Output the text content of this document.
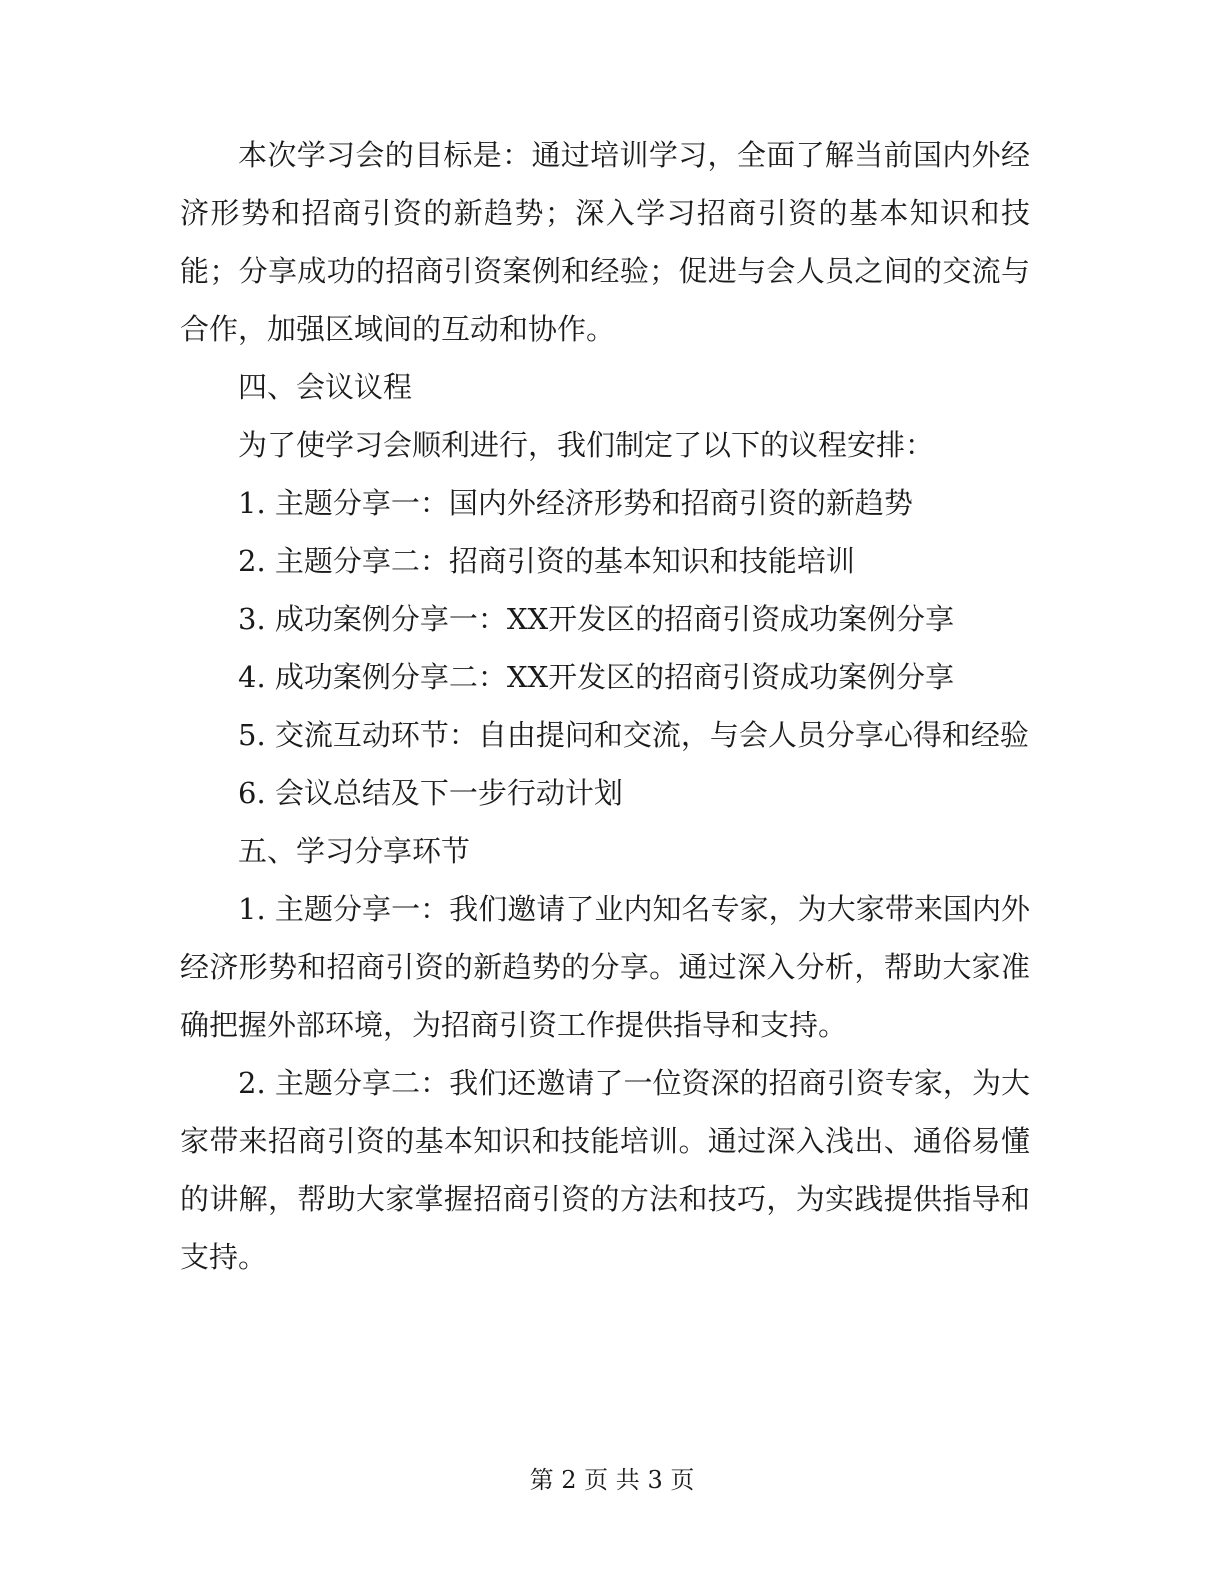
本次学习会的目标是：通过培训学习，全面了解当前国内外经济形势和招商引资的新趋势；深入学习招商引资的基本知识和技能；分享成功的招商引资案例和经验；促进与会人员之间的交流与合作，加强区域间的互动和协作。

四、会议议程

为了使学习会顺利进行，我们制定了以下的议程安排：

1. 主题分享一：国内外经济形势和招商引资的新趋势

2. 主题分享二：招商引资的基本知识和技能培训

3. 成功案例分享一：XX开发区的招商引资成功案例分享

4. 成功案例分享二：XX开发区的招商引资成功案例分享

5. 交流互动环节：自由提问和交流，与会人员分享心得和经验

6. 会议总结及下一步行动计划

五、学习分享环节

1. 主题分享一：我们邀请了业内知名专家，为大家带来国内外经济形势和招商引资的新趋势的分享。通过深入分析，帮助大家准确把握外部环境，为招商引资工作提供指导和支持。

2. 主题分享二：我们还邀请了一位资深的招商引资专家，为大家带来招商引资的基本知识和技能培训。通过深入浅出、通俗易懂的讲解，帮助大家掌握招商引资的方法和技巧，为实践提供指导和支持。

第 2 页 共 3 页
